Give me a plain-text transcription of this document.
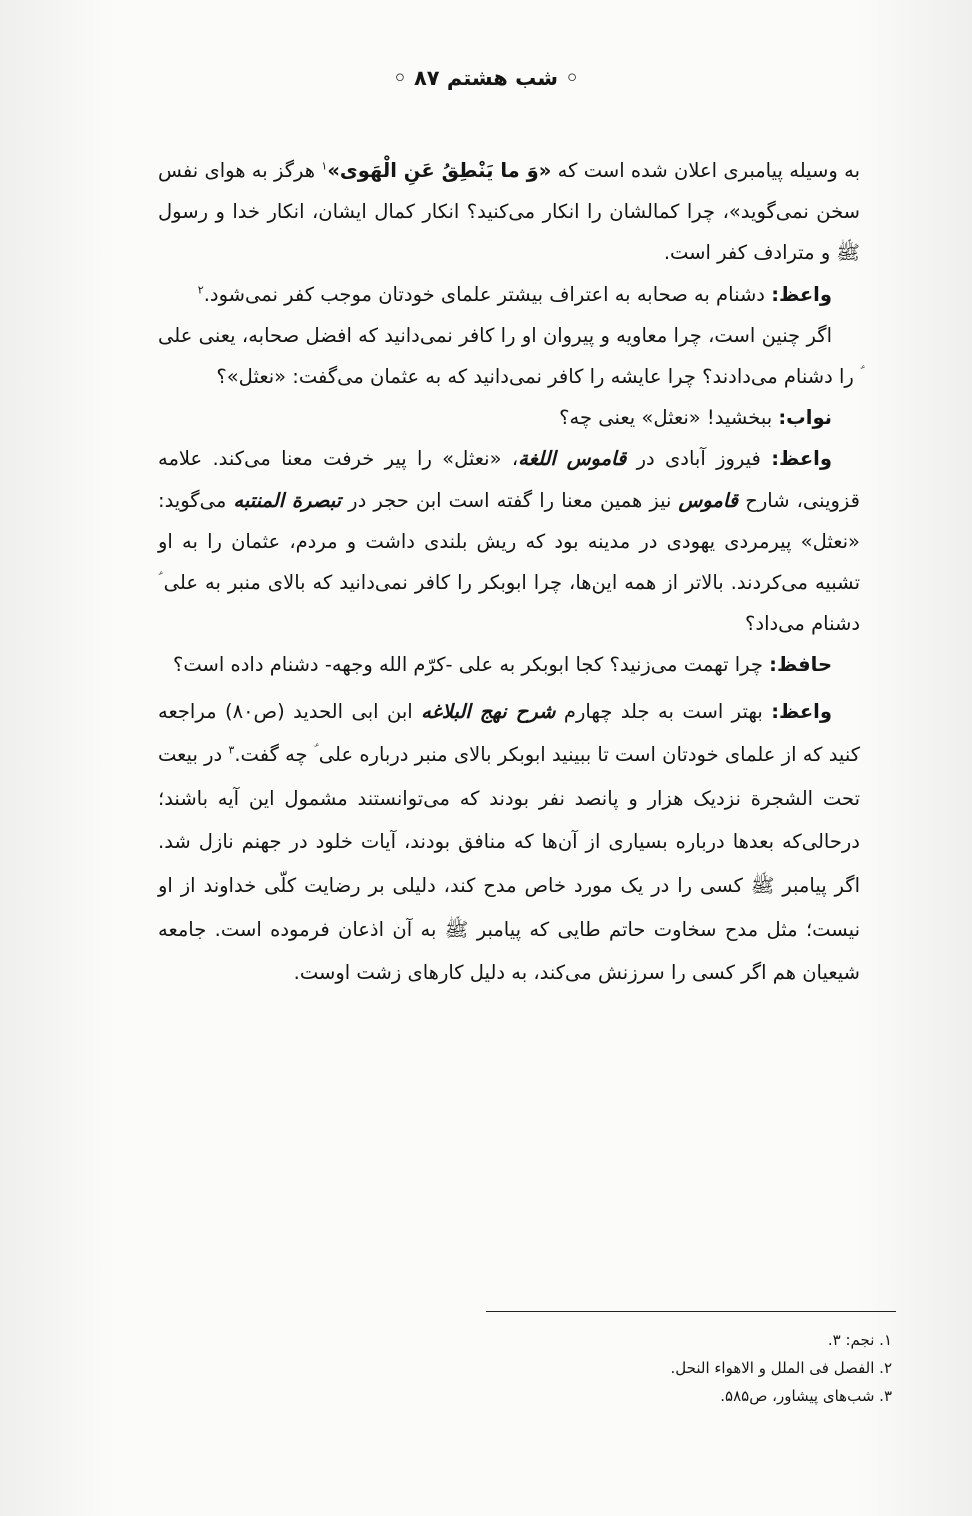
◦ شب هشتم ۸۷ ◦

به وسیله پیامبری اعلان شده است که «وَ ما يَنْطِقُ عَنِ الْهَوی»$^۱$ هرگز به هوای نفس سخن نمی‌گوید»، چرا کمالشان را انکار می‌کنید؟ انکار کمال ایشان، انکار خدا و رسول ﷺ و مترادف کفر است.

واعظ: دشنام به صحابه به اعتراف بیشتر علمای خودتان موجب کفر نمی‌شود.$^۲$

اگر چنین است، چرا معاویه و پیروان او را کافر نمی‌دانید که افضل صحابه، یعنی علی ؑ را دشنام می‌دادند؟ چرا عایشه را کافر نمی‌دانید که به عثمان می‌گفت: «نعثل»؟

نواب: ببخشید! «نعثل» یعنی چه؟

واعظ: فیروز آبادی در قاموس اللغة، «نعثل» را پیر خرفت معنا می‌کند. علامه قزوینی، شارح قاموس نیز همین معنا را گفته است ابن حجر در تبصرة المنتبه می‌گوید: «نعثل» پیرمردی یهودی در مدینه بود که ریش بلندی داشت و مردم، عثمان را به او تشبیه می‌کردند. بالاتر از همه این‌ها، چرا ابوبکر را کافر نمی‌دانید که بالای منبر به علی ؑ دشنام می‌داد؟

حافظ: چرا تهمت می‌زنید؟ کجا ابوبکر به علی -کرّم الله وجهه- دشنام داده است؟

واعظ: بهتر است به جلد چهارم شرح نهج البلاغه ابن ابی الحدید (ص۸۰) مراجعه کنید که از علمای خودتان است تا ببینید ابوبکر بالای منبر درباره علی ؑ چه گفت.$^۳$ در بیعت تحت الشجرة نزدیک هزار و پانصد نفر بودند که می‌توانستند مشمول این آیه باشند؛ درحالی‌که بعدها درباره بسیاری از آن‌ها که منافق بودند، آیات خلود در جهنم نازل شد. اگر پیامبر ﷺ کسی را در یک مورد خاص مدح کند، دلیلی بر رضایت کلّی خداوند از او نیست؛ مثل مدح سخاوت حاتم طایی که پیامبر ﷺ به آن اذعان فرموده است. جامعه شیعیان هم اگر کسی را سرزنش می‌کند، به دلیل کارهای زشت اوست.

۱. نجم: ۳.

۲. الفصل فی الملل و الاهواء النحل.

۳. شب‌های پیشاور، ص۵۸۵.
